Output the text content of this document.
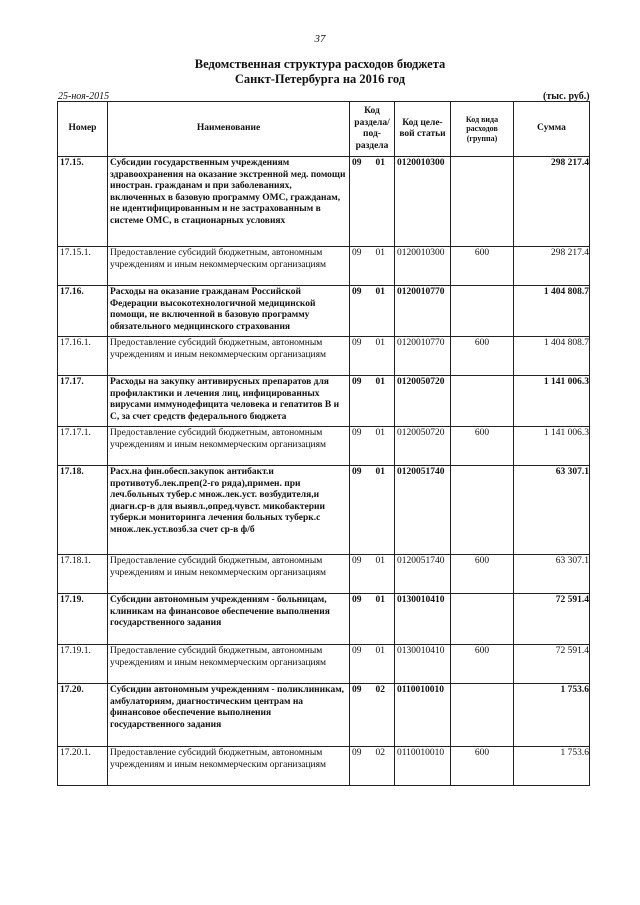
37
Ведомственная структура расходов бюджета
Санкт-Петербурга на 2016 год
25-ноя-2015	(тыс. руб.)
Номер	Наименование	Код раздела/ под- раздела	Код целе- вой статьи	Код вида расходов (группа)	Сумма
17.15.	Субсидии государственным учреждениям здравоохранения на оказание экстренной мед. помощи иностран. гражданам и при заболеваниях, включенных в базовую программу ОМС, гражданам, не идентифицированным и не застрахованным в системе ОМС, в стационарных условиях	09 01	0120010300		298 217.4
17.15.1.	Предоставление субсидий бюджетным, автономным учреждениям и иным некоммерческим организациям	09 01	0120010300	600	298 217.4
17.16.	Расходы на оказание гражданам Российской Федерации высокотехнологичной медицинской помощи, не включенной в базовую программу обязательного медицинского страхования	09 01	0120010770		1 404 808.7
17.16.1.	Предоставление субсидий бюджетным, автономным учреждениям и иным некоммерческим организациям	09 01	0120010770	600	1 404 808.7
17.17.	Расходы на закупку антивирусных препаратов для профилактики и лечения лиц, инфицированных вирусами иммунодефицита человека и гепатитов В и С, за счет средств федерального бюджета	09 01	0120050720		1 141 006.3
17.17.1.	Предоставление субсидий бюджетным, автономным учреждениям и иным некоммерческим организациям	09 01	0120050720	600	1 141 006.3
17.18.	Расх.на фин.обесп.закупок антибакт.и противотуб.лек.преп(2-го ряда),примен. при леч.больных тубер.с множ.лек.уст. возбудителя,и диагн.ср-в для выявл.,опред.чувст. микобактерии туберк.и мониторинга лечения больных туберк.с множ.лек.уст.возб.за счет ср-в ф/б	09 01	0120051740		63 307.1
17.18.1.	Предоставление субсидий бюджетным, автономным учреждениям и иным некоммерческим организациям	09 01	0120051740	600	63 307.1
17.19.	Субсидии автономным учреждениям - больницам, клиникам на финансовое обеспечение выполнения государственного задания	09 01	0130010410		72 591.4
17.19.1.	Предоставление субсидий бюджетным, автономным учреждениям и иным некоммерческим организациям	09 01	0130010410	600	72 591.4
17.20.	Субсидии автономным учреждениям - поликлиникам, амбулаториям, диагностическим центрам на финансовое обеспечение выполнения государственного задания	09 02	0110010010		1 753.6
17.20.1.	Предоставление субсидий бюджетным, автономным учреждениям и иным некоммерческим организациям	09 02	0110010010	600	1 753.6
